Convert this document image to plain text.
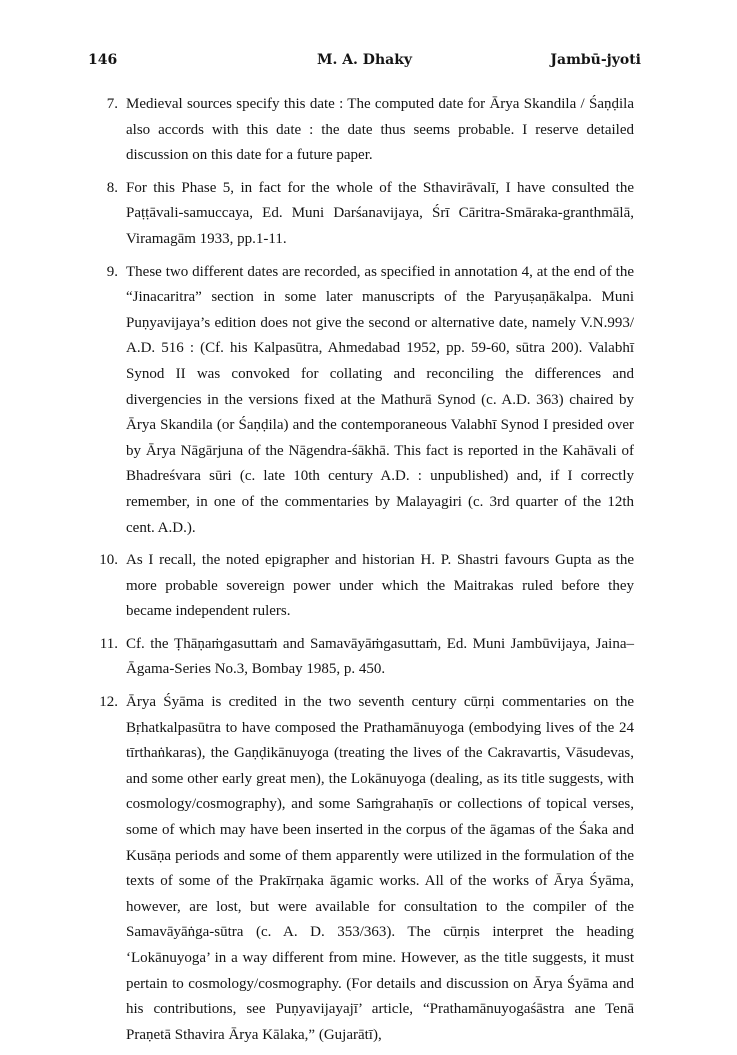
146	M. A. Dhaky	Jambū-jyoti
7. Medieval sources specify this date : The computed date for Ārya Skandila / Śaṇḍila also accords with this date : the date thus seems probable. I reserve detailed discussion on this date for a future paper.
8. For this Phase 5, in fact for the whole of the Sthavirāvalī, I have consulted the Paṭṭāvali-samuccaya, Ed. Muni Darśanavijaya, Śrī Cāritra-Smāraka-granthmālā, Viramagām 1933, pp.1-11.
9. These two different dates are recorded, as specified in annotation 4, at the end of the “Jinacaritra” section in some later manuscripts of the Paryuṣaṇākalpa. Muni Puṇyavijaya’s edition does not give the second or alternative date, namely V.N.993/ A.D. 516 : (Cf. his Kalpasūtra, Ahmedabad 1952, pp. 59-60, sūtra 200). Valabhī Synod II was convoked for collating and reconciling the differences and divergencies in the versions fixed at the Mathurā Synod (c. A.D. 363) chaired by Ārya Skandila (or Śaṇḍila) and the contemporaneous Valabhī Synod I presided over by Ārya Nāgārjuna of the Nāgendra-śākhā. This fact is reported in the Kahāvali of Bhadreśvara sūri (c. late 10th century A.D. : unpublished) and, if I correctly remember, in one of the commentaries by Malayagiri (c. 3rd quarter of the 12th cent. A.D.).
10. As I recall, the noted epigrapher and historian H. P. Shastri favours Gupta as the more probable sovereign power under which the Maitrakas ruled before they became independent rulers.
11. Cf. the Ṭhāṇaṁgasuttaṁ and Samavāyāṁgasuttaṁ, Ed. Muni Jambūvijaya, Jaina–Āgama-Series No.3, Bombay 1985, p. 450.
12. Ārya Śyāma is credited in the two seventh century cūrṇi commentaries on the Bṛhatkalpasūtra to have composed the Prathamānuyoga (embodying lives of the 24 tīrthaṅkaras), the Gaṇḍikānuyoga (treating the lives of the Cakravartis, Vāsudevas, and some other early great men), the Lokānuyoga (dealing, as its title suggests, with cosmology/cosmography), and some Saṁgrahaṇīs or collections of topical verses, some of which may have been inserted in the corpus of the āgamas of the Śaka and Kusāṇa periods and some of them apparently were utilized in the formulation of the texts of some of the Prakīrṇaka āgamic works. All of the works of Ārya Śyāma, however, are lost, but were available for consultation to the compiler of the Samavāyāṅga-sūtra (c. A. D. 353/363). The cūrṇis interpret the heading ‘Lokānuyoga’ in a way different from mine. However, as the title suggests, it must pertain to cosmology/cosmography. (For details and discussion on Ārya Śyāma and his contributions, see Puṇyavijayajī’ article, “Prathamānuyogaśāstra ane Tenā Praṇetā Sthavira Ārya Kālaka,” (Gujarātī),
